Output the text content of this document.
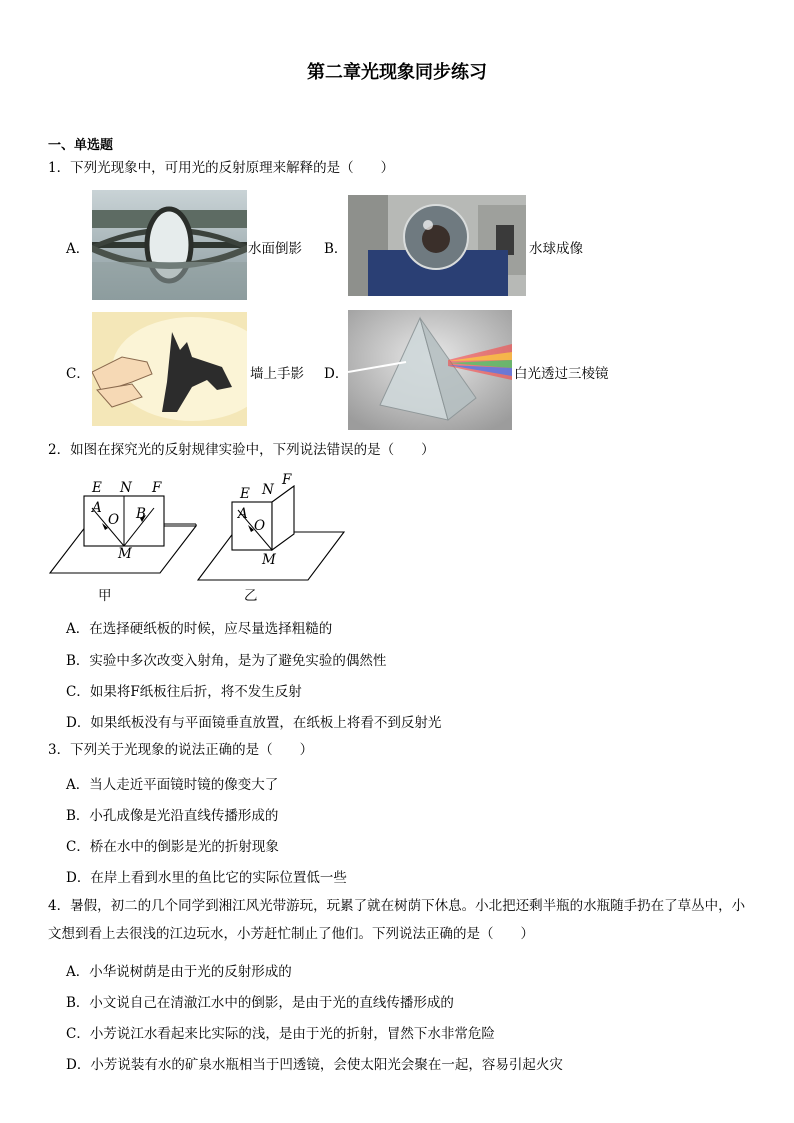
第二章光现象同步练习
一、单选题
1．下列光现象中，可用光的反射原理来解释的是（　　）
A．	水面倒影 B．	水球成像
C．	墙上手影 D．	白光透过三棱镜
2．如图在探究光的反射规律实验中，下列说法错误的是（　　）
E N F
A
O B
M
E N
F
A
O
M
甲	乙
A．在选择硬纸板的时候，应尽量选择粗糙的
B．实验中多次改变入射角，是为了避免实验的偶然性
C．如果将F纸板往后折，将不发生反射
D．如果纸板没有与平面镜垂直放置，在纸板上将看不到反射光
3．下列关于光现象的说法正确的是（　　）
A．当人走近平面镜时镜的像变大了
B．小孔成像是光沿直线传播形成的
C．桥在水中的倒影是光的折射现象
D．在岸上看到水里的鱼比它的实际位置低一些
4．暑假，初二的几个同学到湘江风光带游玩，玩累了就在树荫下休息。小北把还剩半瓶的水瓶随手扔在了草丛中，小文想到看上去很浅的江边玩水，小芳赶忙制止了他们。下列说法正确的是（　　）
A．小华说树荫是由于光的反射形成的
B．小文说自己在清澈江水中的倒影，是由于光的直线传播形成的
C．小芳说江水看起来比实际的浅，是由于光的折射，冒然下水非常危险
D．小芳说装有水的矿泉水瓶相当于凹透镜，会使太阳光会聚在一起，容易引起火灾
